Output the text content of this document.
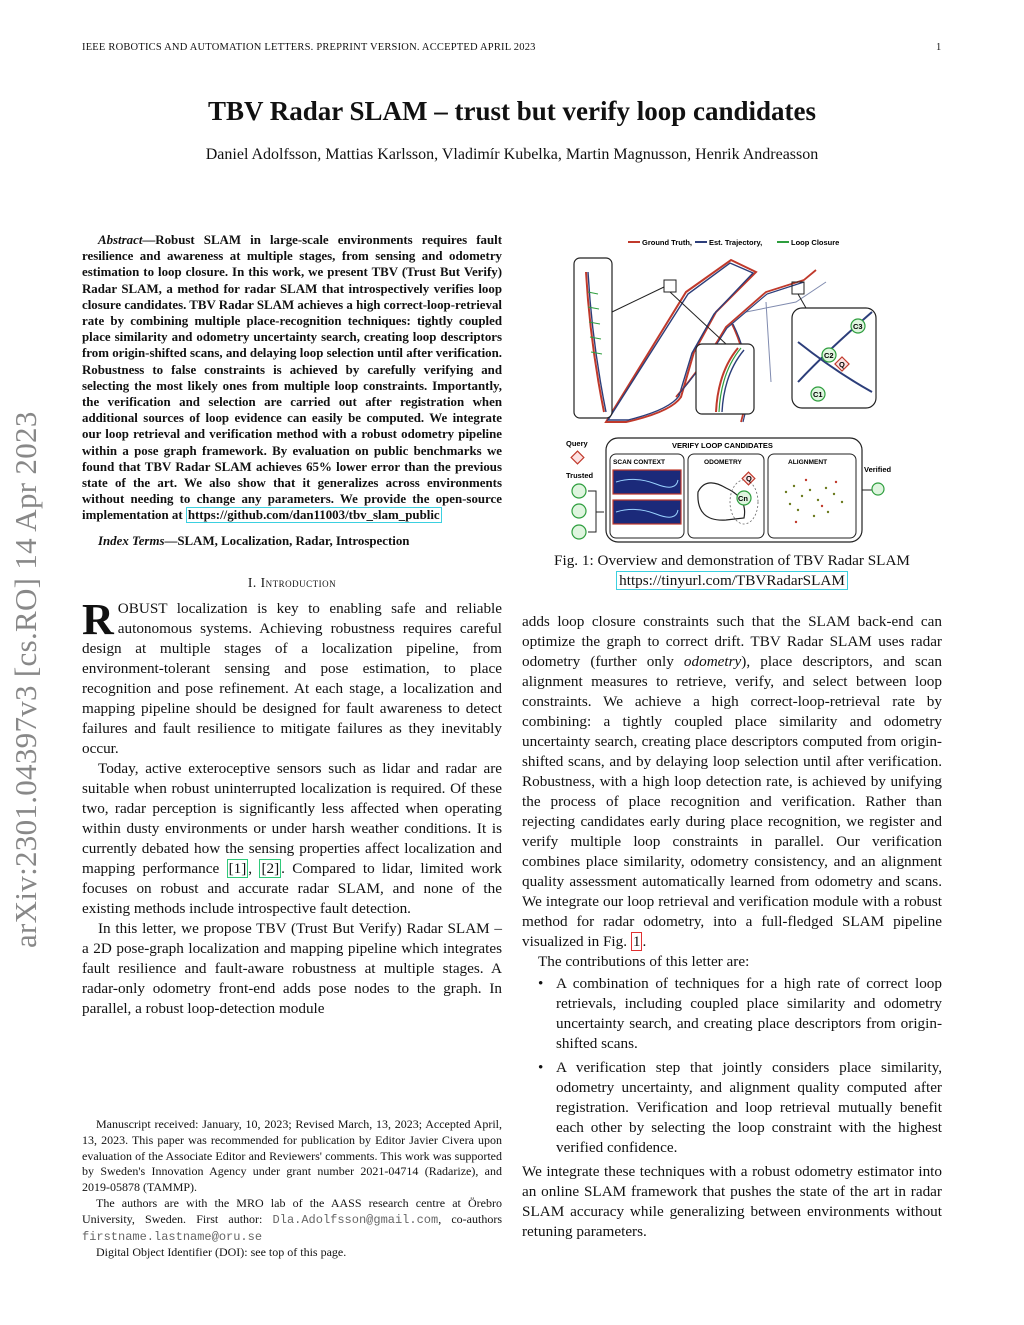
IEEE ROBOTICS AND AUTOMATION LETTERS. PREPRINT VERSION. ACCEPTED APRIL 2023	1
TBV Radar SLAM – trust but verify loop candidates
Daniel Adolfsson, Mattias Karlsson, Vladimír Kubelka, Martin Magnusson, Henrik Andreasson
arXiv:2301.04397v3 [cs.RO] 14 Apr 2023

Abstract—Robust SLAM in large-scale environments requires fault resilience and awareness at multiple stages, from sensing and odometry estimation to loop closure. In this work, we present TBV (Trust But Verify) Radar SLAM, a method for radar SLAM that introspectively verifies loop closure candidates. TBV Radar SLAM achieves a high correct-loop-retrieval rate by combining multiple place-recognition techniques: tightly coupled place similarity and odometry uncertainty search, creating loop descriptors from origin-shifted scans, and delaying loop selection until after verification. Robustness to false constraints is achieved by carefully verifying and selecting the most likely ones from multiple loop constraints. Importantly, the verification and selection are carried out after registration when additional sources of loop evidence can easily be computed. We integrate our loop retrieval and verification method with a robust odometry pipeline within a pose graph framework. By evaluation on public benchmarks we found that TBV Radar SLAM achieves 65% lower error than the previous state of the art. We also show that it generalizes across environments without needing to change any parameters. We provide the open-source implementation at https://github.com/dan11003/tbv_slam_public

Index Terms—SLAM, Localization, Radar, Introspection

I. Introduction

ROBUST localization is key to enabling safe and reliable autonomous systems. Achieving robustness requires careful design at multiple stages of a localization pipeline, from environment-tolerant sensing and pose estimation, to place recognition and pose refinement. At each stage, a localization and mapping pipeline should be designed for fault awareness to detect failures and fault resilience to mitigate failures as they inevitably occur.

Today, active exteroceptive sensors such as lidar and radar are suitable when robust uninterrupted localization is required. Of these two, radar perception is significantly less affected when operating within dusty environments or under harsh weather conditions. It is currently debated how the sensing properties affect localization and mapping performance [1] , [2] . Compared to lidar, limited work focuses on robust and accurate radar SLAM, and none of the existing methods include introspective fault detection.

In this letter, we propose TBV (Trust But Verify) Radar SLAM – a 2D pose-graph localization and mapping pipeline which integrates fault resilience and fault-aware robustness at multiple stages. A radar-only odometry front-end adds pose nodes to the graph. In parallel, a robust loop-detection module

Manuscript received: January, 10, 2023; Revised March, 13, 2023; Accepted April, 13, 2023. This paper was recommended for publication by Editor Javier Civera upon evaluation of the Associate Editor and Reviewers' comments. This work was supported by Sweden's Innovation Agency under grant number 2021-04714 (Radarize), and 2019-05878 (TAMMP).

The authors are with the MRO lab of the AASS research centre at Örebro University, Sweden. First author: Dla.Adolfsson@gmail.com, co-authors firstname.lastname@oru.se

Digital Object Identifier (DOI): see top of this page.

Ground Truth, Est. Trajectory,	Loop Closure
C3
C2
C1
Q
Query
Trusted
VERIFY LOOP CANDIDATES
SCAN CONTEXT	ODOMETRY
Q
Cn
ALIGNMENT
Verified
Fig. 1: Overview and demonstration of TBV Radar SLAM
https://tinyurl.com/TBVRadarSLAM

adds loop closure constraints such that the SLAM back-end can optimize the graph to correct drift. TBV Radar SLAM uses radar odometry (further only odometry), place descriptors, and scan alignment measures to retrieve, verify, and select between loop constraints. We achieve a high correct-loop-retrieval rate by combining: a tightly coupled place similarity and odometry uncertainty search, creating place descriptors computed from origin-shifted scans, and by delaying loop selection until after verification. Robustness, with a high loop detection rate, is achieved by unifying the process of place recognition and verification. Rather than rejecting candidates early during place recognition, we register and verify multiple loop constraints in parallel. Our verification combines place similarity, odometry consistency, and an alignment quality assessment automatically learned from odometry and scans. We integrate our loop retrieval and verification module with a robust method for radar odometry, into a full-fledged SLAM pipeline visualized in Fig. 1 .

The contributions of this letter are:

• A combination of techniques for a high rate of correct loop retrievals, including coupled place similarity and odometry uncertainty search, and creating place descriptors from origin-shifted scans.
• A verification step that jointly considers place similarity, odometry uncertainty, and alignment quality computed after registration. Verification and loop retrieval mutually benefit each other by selecting the loop constraint with the highest verified confidence.

We integrate these techniques with a robust odometry estimator into an online SLAM framework that pushes the state of the art in radar SLAM accuracy while generalizing between environments without retuning parameters.
